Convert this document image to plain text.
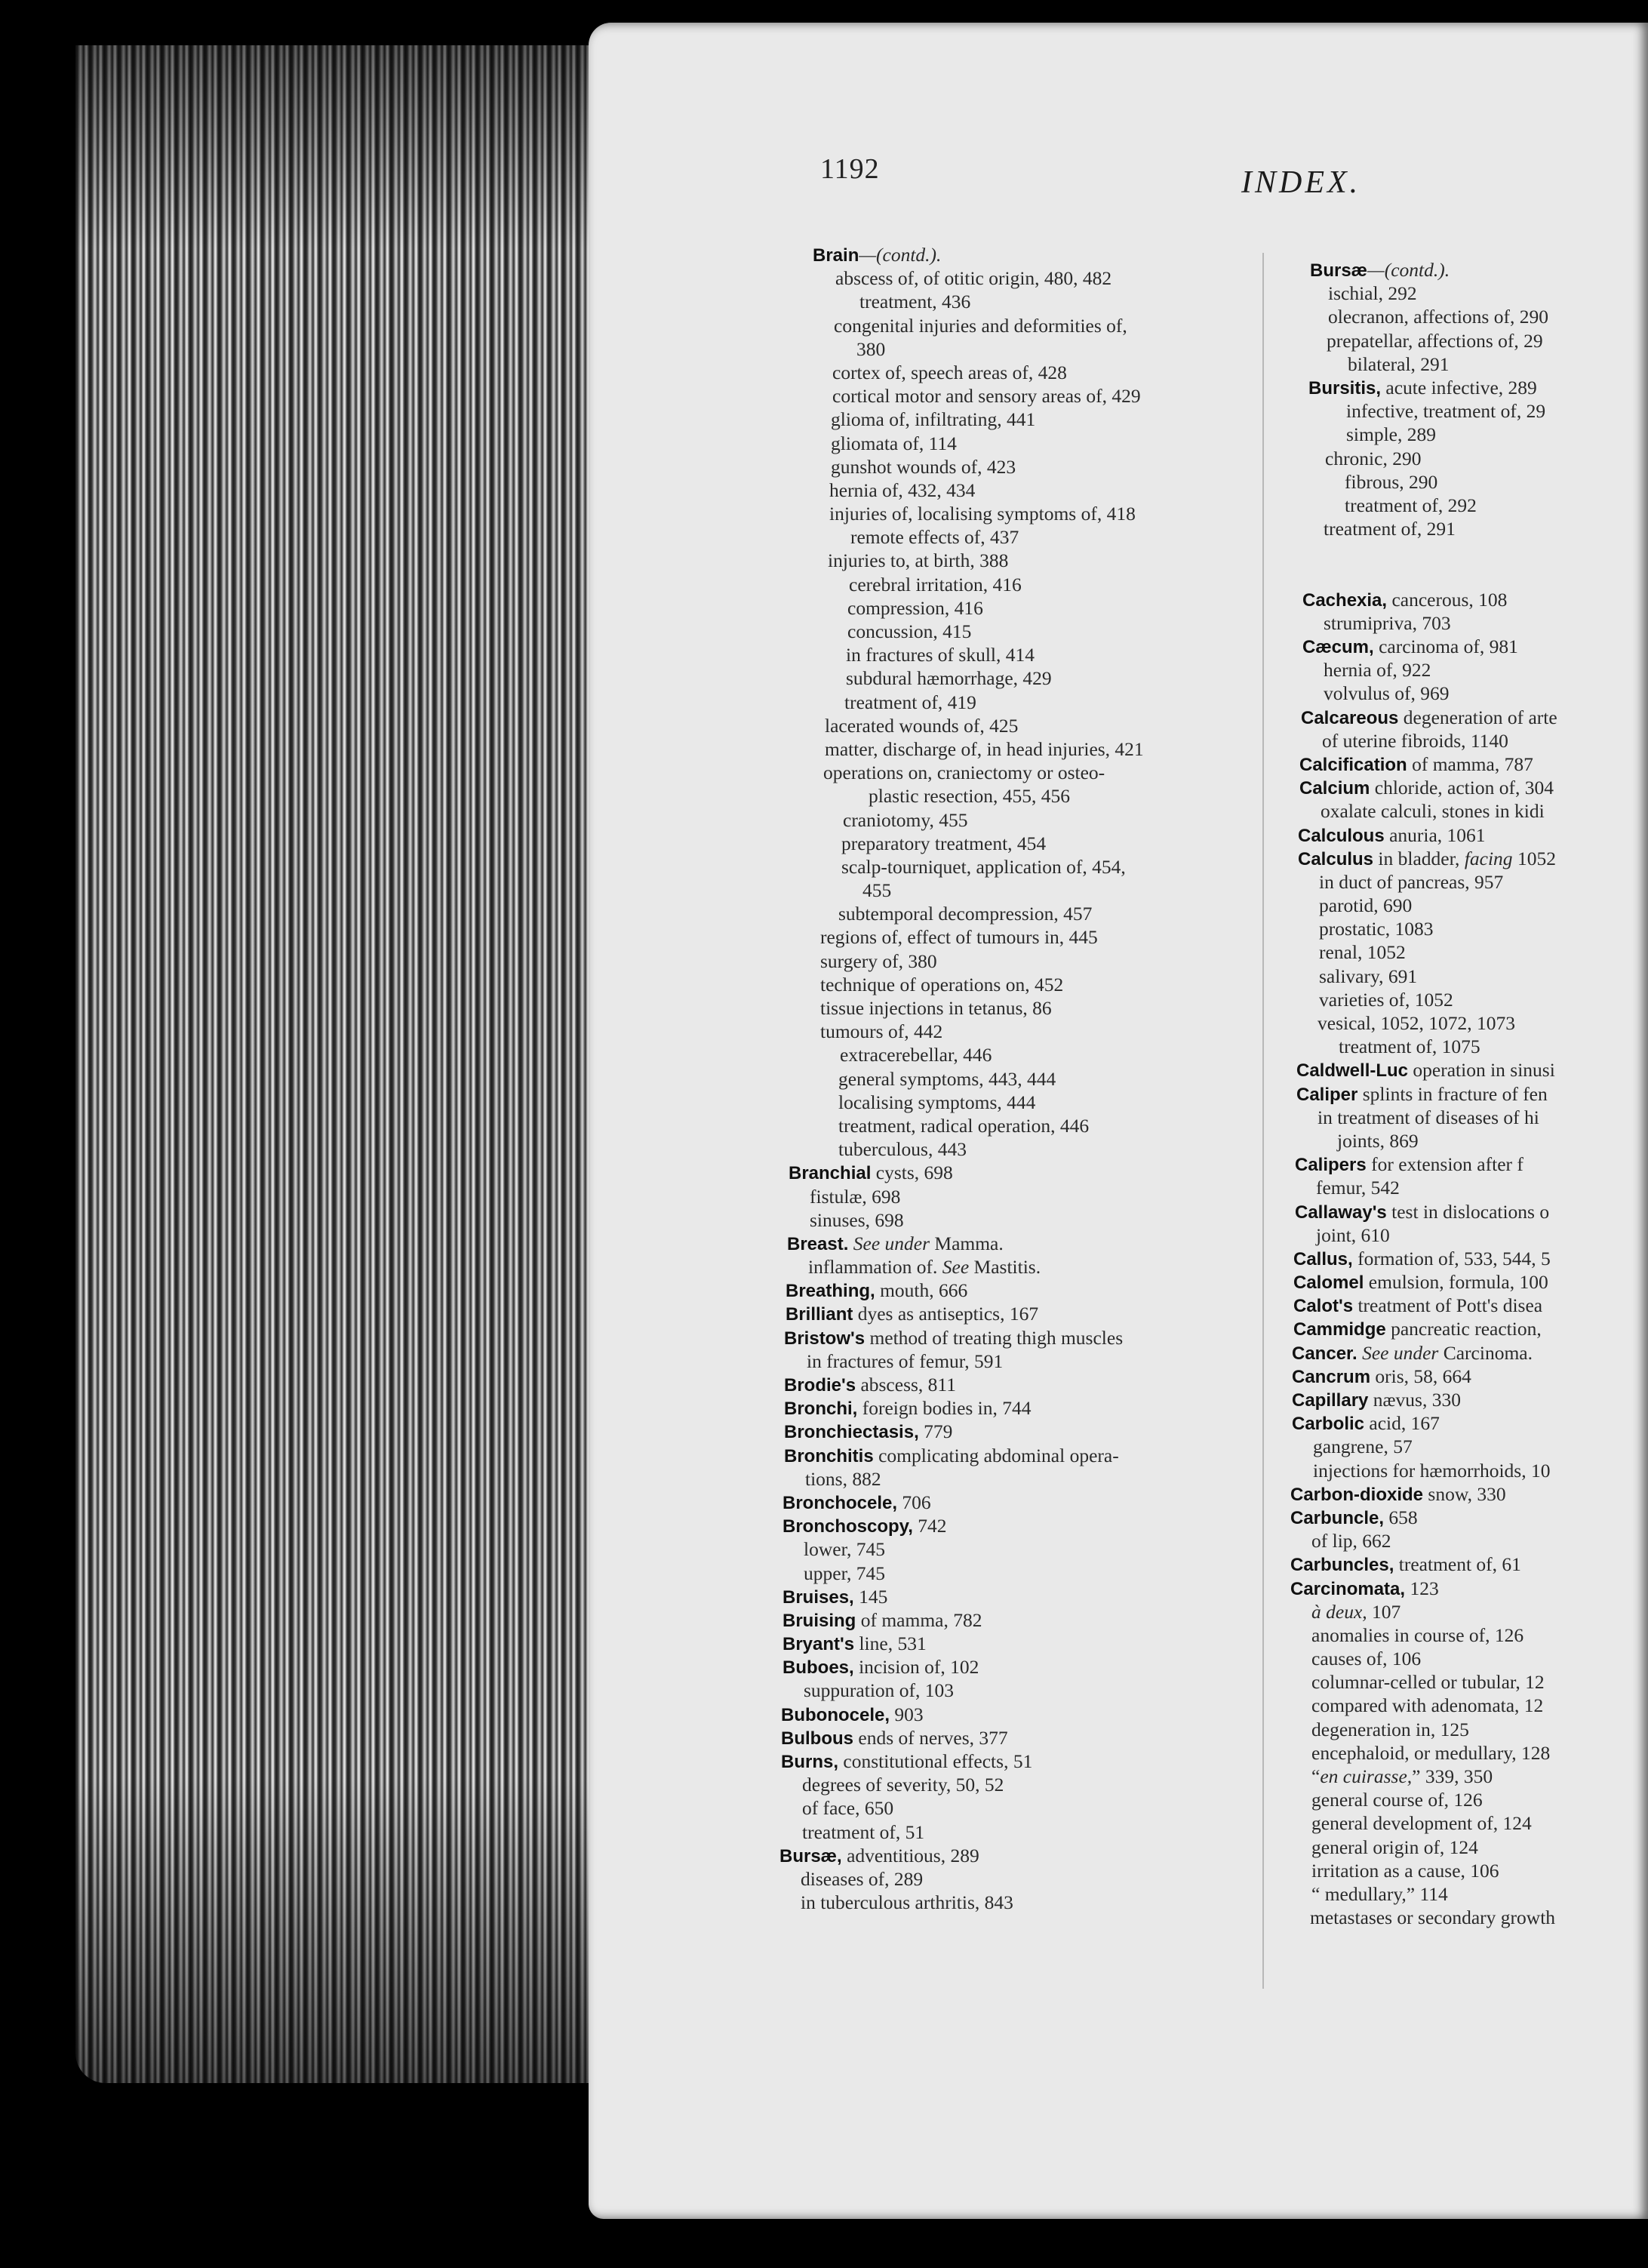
1192	INDEX.
Brain—(contd.).
abscess of, of otitic origin, 480, 482
treatment, 436
congenital injuries and deformities of,
380
cortex of, speech areas of, 428
cortical motor and sensory areas of, 429
glioma of, infiltrating, 441
gliomata of, 114
gunshot wounds of, 423
hernia of, 432, 434
injuries of, localising symptoms of, 418
remote effects of, 437
injuries to, at birth, 388
cerebral irritation, 416
compression, 416
concussion, 415
in fractures of skull, 414
subdural hæmorrhage, 429
treatment of, 419
lacerated wounds of, 425
matter, discharge of, in head injuries, 421
operations on, craniectomy or osteo-
plastic resection, 455, 456
craniotomy, 455
preparatory treatment, 454
scalp-tourniquet, application of, 454,
455
subtemporal decompression, 457
regions of, effect of tumours in, 445
surgery of, 380
technique of operations on, 452
tissue injections in tetanus, 86
tumours of, 442
extracerebellar, 446
general symptoms, 443, 444
localising symptoms, 444
treatment, radical operation, 446
tuberculous, 443
Branchial cysts, 698
fistulæ, 698
sinuses, 698
Breast. See under Mamma.
inflammation of. See Mastitis.
Breathing, mouth, 666
Brilliant dyes as antiseptics, 167
Bristow's method of treating thigh muscles
in fractures of femur, 591
Brodie's abscess, 811
Bronchi, foreign bodies in, 744
Bronchiectasis, 779
Bronchitis complicating abdominal opera-
tions, 882
Bronchocele, 706
Bronchoscopy, 742
lower, 745
upper, 745
Bruises, 145
Bruising of mamma, 782
Bryant's line, 531
Buboes, incision of, 102
suppuration of, 103
Bubonocele, 903
Bulbous ends of nerves, 377
Burns, constitutional effects, 51
degrees of severity, 50, 52
of face, 650
treatment of, 51
Bursæ, adventitious, 289
diseases of, 289
in tuberculous arthritis, 843
Bursæ—(contd.).
ischial, 292
olecranon, affections of, 290
prepatellar, affections of, 29
bilateral, 291
Bursitis, acute infective, 289
infective, treatment of, 29
simple, 289
chronic, 290
fibrous, 290
treatment of, 292
treatment of, 291
Cachexia, cancerous, 108
strumipriva, 703
Cæcum, carcinoma of, 981
hernia of, 922
volvulus of, 969
Calcareous degeneration of arte
of uterine fibroids, 1140
Calcification of mamma, 787
Calcium chloride, action of, 304
oxalate calculi, stones in kidi
Calculous anuria, 1061
Calculus in bladder, facing 1052
in duct of pancreas, 957
parotid, 690
prostatic, 1083
renal, 1052
salivary, 691
varieties of, 1052
vesical, 1052, 1072, 1073
treatment of, 1075
Caldwell-Luc operation in sinusi
Caliper splints in fracture of fen
in treatment of diseases of hi
joints, 869
Calipers for extension after f
femur, 542
Callaway's test in dislocations o
joint, 610
Callus, formation of, 533, 544, 5
Calomel emulsion, formula, 100
Calot's treatment of Pott's disea
Cammidge pancreatic reaction,
Cancer. See under Carcinoma.
Cancrum oris, 58, 664
Capillary nævus, 330
Carbolic acid, 167
gangrene, 57
injections for hæmorrhoids, 10
Carbon-dioxide snow, 330
Carbuncle, 658
of lip, 662
Carbuncles, treatment of, 61
Carcinomata, 123
à deux, 107
anomalies in course of, 126
causes of, 106
columnar-celled or tubular, 12
compared with adenomata, 12
degeneration in, 125
encephaloid, or medullary, 128
“en cuirasse,” 339, 350
general course of, 126
general development of, 124
general origin of, 124
irritation as a cause, 106
“ medullary,” 114
metastases or secondary growth
